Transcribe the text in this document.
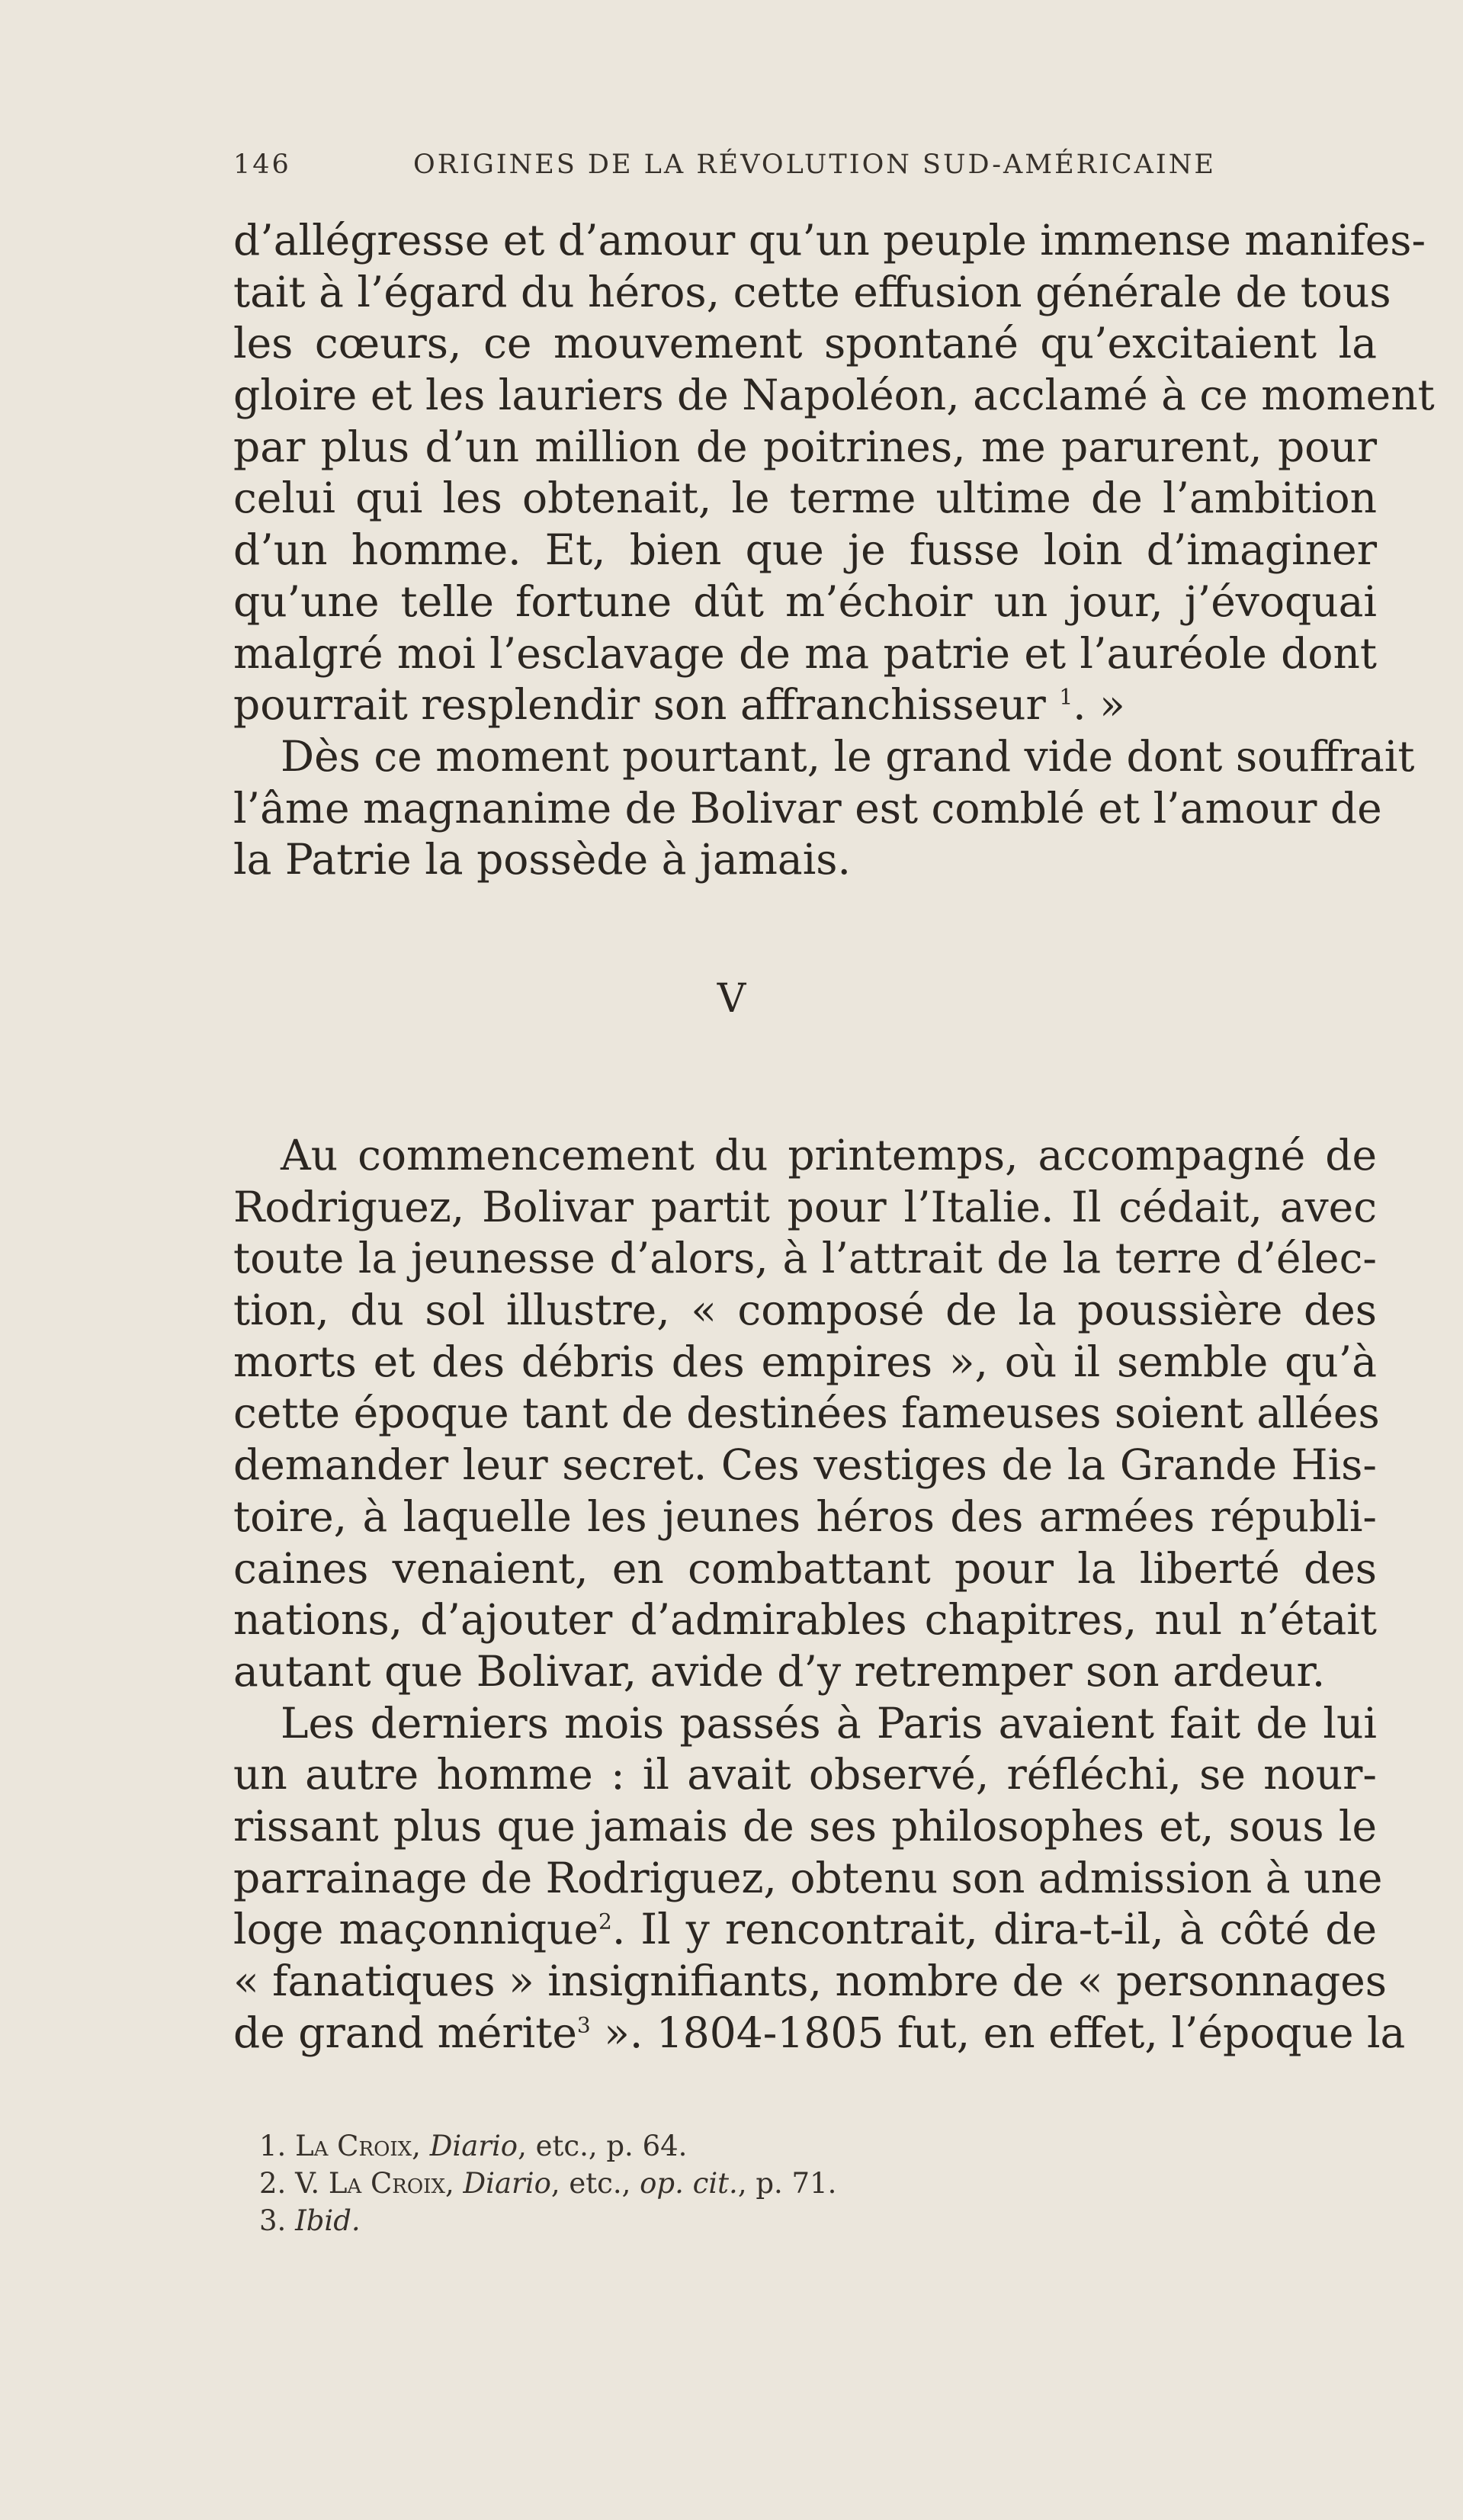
146	ORIGINES DE LA RÉVOLUTION SUD-AMÉRICAINE
d’allégresse et d’amour qu’un peuple immense manifes-
tait à l’égard du héros, cette effusion générale de tous
les cœurs, ce mouvement spontané qu’excitaient la
gloire et les lauriers de Napoléon, acclamé à ce moment
par plus d’un million de poitrines, me parurent, pour
celui qui les obtenait, le terme ultime de l’ambition
d’un homme. Et, bien que je fusse loin d’imaginer
qu’une telle fortune dût m’échoir un jour, j’évoquai
malgré moi l’esclavage de ma patrie et l’auréole dont
pourrait resplendir son affranchisseur $^1$. »
Dès ce moment pourtant, le grand vide dont souffrait
l’âme magnanime de Bolivar est comblé et l’amour de
la Patrie la possède à jamais.
V
Au commencement du printemps, accompagné de
Rodriguez, Bolivar partit pour l’Italie. Il cédait, avec
toute la jeunesse d’alors, à l’attrait de la terre d’élec-
tion, du sol illustre, « composé de la poussière des
morts et des débris des empires », où il semble qu’à
cette époque tant de destinées fameuses soient allées
demander leur secret. Ces vestiges de la Grande His-
toire, à laquelle les jeunes héros des armées républi-
caines venaient, en combattant pour la liberté des
nations, d’ajouter d’admirables chapitres, nul n’était
autant que Bolivar, avide d’y retremper son ardeur.
Les derniers mois passés à Paris avaient fait de lui
un autre homme : il avait observé, réfléchi, se nour-
rissant plus que jamais de ses philosophes et, sous le
parrainage de Rodriguez, obtenu son admission à une
loge maçonnique$^2$. Il y rencontrait, dira-t-il, à côté de
« fanatiques » insignifiants, nombre de « personnages
de grand mérite$^3$ ». 1804-1805 fut, en effet, l’époque la
1. La Croix, Diario, etc., p. 64.
2. V. La Croix, Diario, etc., op. cit., p. 71.
3. Ibid.
